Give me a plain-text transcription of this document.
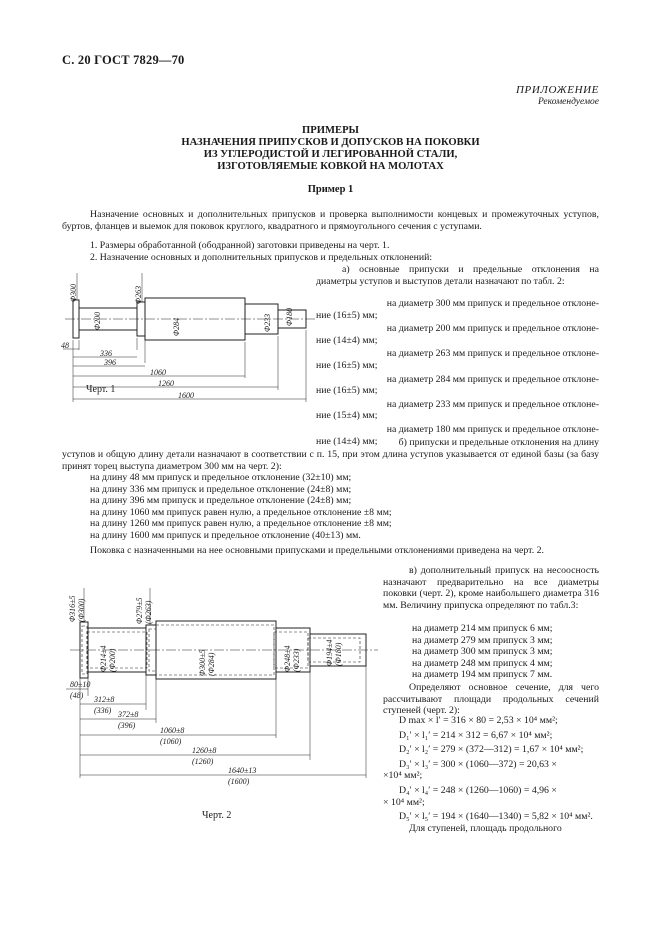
С. 20 ГОСТ 7829—70
ПРИЛОЖЕНИЕ
Рекомендуемое
ПРИМЕРЫ
НАЗНАЧЕНИЯ ПРИПУСКОВ И ДОПУСКОВ НА ПОКОВКИ
ИЗ УГЛЕРОДИСТОЙ И ЛЕГИРОВАННОЙ СТАЛИ,
ИЗГОТОВЛЯЕМЫЕ КОВКОЙ НА МОЛОТАХ
Пример 1
Назначение основных и дополнительных припусков и проверка выполнимости концевых и промежуточных уступов, буртов, фланцев и выемок для поковок круглого, квадратного и прямоугольного сечения с уступами.
1. Размеры обработанной (ободранной) заготовки приведены на черт. 1.
2. Назначение основных и дополнительных припусков и предельных отклонений:
Φ300
Φ200
Φ263
Φ284	Φ233 Φ180
48
336
396
1060
1260
1600
Черт. 1
а) основные припуски и предельные отклонения на диаметры уступов и выступов детали назначают по табл. 2:
на диаметр 300 мм припуск и предельное отклоне-
ние (16±5) мм;
на диаметр 200 мм припуск и предельное отклоне-
ние (14±4) мм;
на диаметр 263 мм припуск и предельное отклоне-
ние (16±5) мм;
на диаметр 284 мм припуск и предельное отклоне-
ние (16±5) мм;
на диаметр 233 мм припуск и предельное отклоне-
ние (15±4) мм;
на диаметр 180 мм припуск и предельное отклоне-
ние (14±4) мм;	б) припуски и предельные отклонения на длину
уступов и общую длину детали назначают в соответствии с п. 15, при этом длина уступов указывается от единой базы (за базу принят торец выступа диаметром 300 мм на черт. 2):
на длину 48 мм припуск и предельное отклонение (32±10) мм;
на длину 336 мм припуск и предельное отклонение (24±8) мм;
на длину 396 мм припуск и предельное отклонение (24±8) мм;
на длину 1060 мм припуск равен нулю, а предельное отклонение ±8 мм;
на длину 1260 мм припуск равен нулю, а предельное отклонение ±8 мм;
на длину 1600 мм припуск и предельное отклонение (40±13) мм.
Поковка с назначенными на нее основными припусками и предельными отклонениями приведена на черт. 2.
Φ316±5 (Φ300)	Φ279±5 (Φ263)
Φ214±4 (Φ200)	Φ300±5 (Φ284)	Φ248±4 (Φ233)	Φ194±4 (Φ180)
80±10
(48) 312±8
(336) 372±8
(396)
1060±8
(1060)
1260±8
(1260)
1640±13
(1600)
Черт. 2
в) дополнительный припуск на несоосность назначают предварительно на все диаметры поковки (черт. 2), кроме наибольшего диаметра 316 мм. Величину припуска определяют по табл.3:
на диаметр 214 мм припуск 6 мм;
на диаметр 279 мм припуск 3 мм;
на диаметр 300 мм припуск 3 мм;
на диаметр 248 мм припуск 4 мм;
на диаметр 194 мм припуск 7 мм.
Определяют основное сечение, для чего рассчитывают площади продольных сечений ступеней (черт. 2):
D max × l′ = 316 × 80 = 2,53 × 10⁴ мм²;
D₁′ × l₁′ = 214 × 312 = 6,67 × 10⁴ мм²;
D₂′ × l₂′ = 279 × (372—312) = 1,67 × 10⁴ мм²;
D₃′ × l₃′ = 300 × (1060—372) = 20,63 ×
×10⁴ мм²;
D₄′ × l₄′ = 248 × (1260—1060) = 4,96 ×
× 10⁴ мм²;
D₅′ × l₅′ = 194 × (1640—1340) = 5,82 × 10⁴ мм².
Для ступеней, площадь продольного
